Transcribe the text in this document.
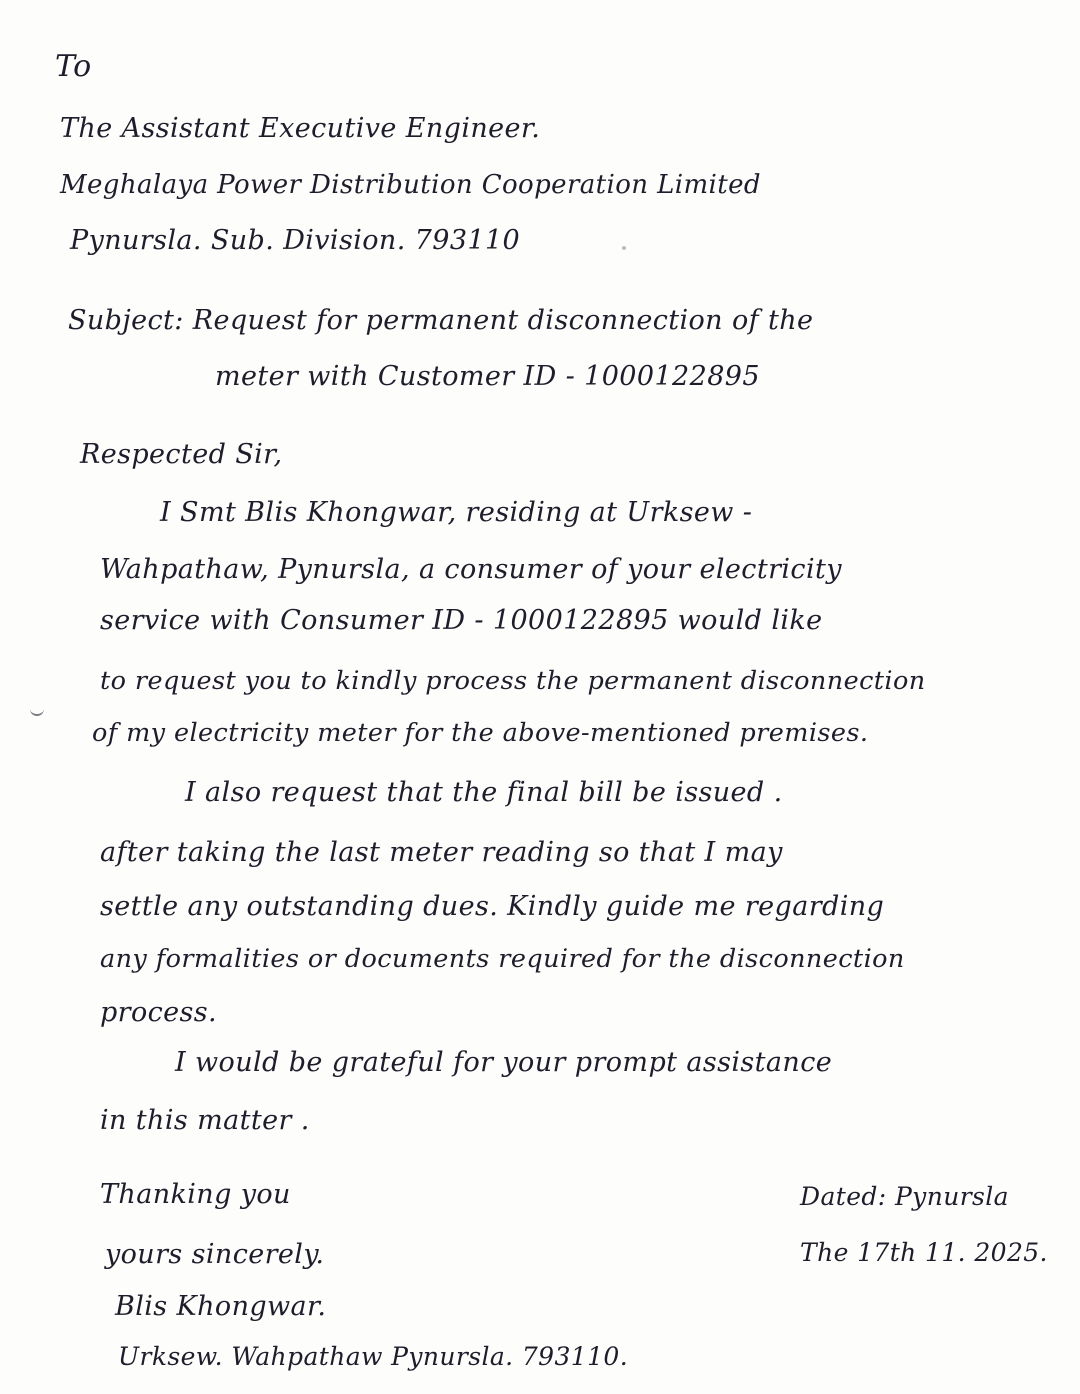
To
The Assistant Executive Engineer.
Meghalaya Power Distribution Cooperation Limited
Pynursla. Sub. Division. 793110
Subject: Request for permanent disconnection of the
meter with Customer ID - 1000122895
Respected Sir,
I Smt Blis Khongwar, residing at Urksew -
Wahpathaw, Pynursla, a consumer of your electricity
service with Consumer ID - 1000122895 would like
to request you to kindly process the permanent disconnection
of my electricity meter for the above-mentioned premises.
I also request that the final bill be issued .
after taking the last meter reading so that I may
settle any outstanding dues. Kindly guide me regarding
any formalities or documents required for the disconnection
process.
I would be grateful for your prompt assistance
in this matter .
Thanking you
yours sincerely.
Blis Khongwar.
Urksew. Wahpathaw Pynursla. 793110.
Dated: Pynursla
The 17th 11. 2025.
